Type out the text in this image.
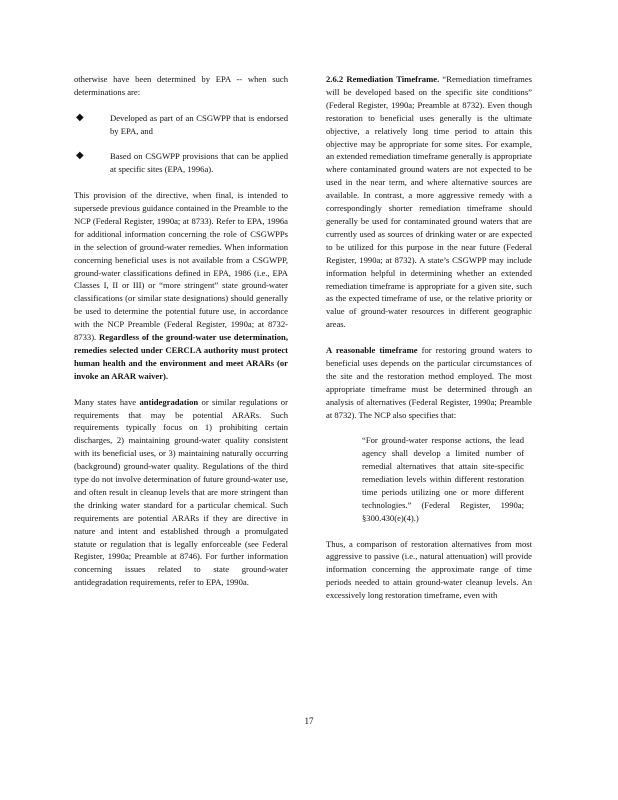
otherwise have been determined by EPA -- when such determinations are:

◆	Developed as part of an CSGWPP that is endorsed by EPA, and
◆	Based on CSGWPP provisions that can be applied at specific sites (EPA, 1996a).

This provision of the directive, when final, is intended to supersede previous guidance contained in the Preamble to the NCP (Federal Register, 1990a; at 8733). Refer to EPA, 1996a for additional information concerning the role of CSGWPPs in the selection of ground-water remedies. When information concerning beneficial uses is not available from a CSGWPP, ground-water classifications defined in EPA, 1986 (i.e., EPA Classes I, II or III) or “more stringent” state ground-water classifications (or similar state designations) should generally be used to determine the potential future use, in accordance with the NCP Preamble (Federal Register, 1990a; at 8732-8733). Regardless of the ground-water use determination, remedies selected under CERCLA authority must protect human health and the environment and meet ARARs (or invoke an ARAR waiver).

Many states have antidegradation or similar regulations or requirements that may be potential ARARs. Such requirements typically focus on 1) prohibiting certain discharges, 2) maintaining ground-water quality consistent with its beneficial uses, or 3) maintaining naturally occurring (background) ground-water quality. Regulations of the third type do not involve determination of future ground-water use, and often result in cleanup levels that are more stringent than the drinking water standard for a particular chemical. Such requirements are potential ARARs if they are directive in nature and intent and established through a promulgated statute or regulation that is legally enforceable (see Federal Register, 1990a; Preamble at 8746). For further information concerning issues related to state ground-water antidegradation requirements, refer to EPA, 1990a.

2.6.2 Remediation Timeframe. “Remediation timeframes will be developed based on the specific site conditions” (Federal Register, 1990a; Preamble at 8732). Even though restoration to beneficial uses generally is the ultimate objective, a relatively long time period to attain this objective may be appropriate for some sites. For example, an extended remediation timeframe generally is appropriate where contaminated ground waters are not expected to be used in the near term, and where alternative sources are available. In contrast, a more aggressive remedy with a correspondingly shorter remediation timeframe should generally be used for contaminated ground waters that are currently used as sources of drinking water or are expected to be utilized for this purpose in the near future (Federal Register, 1990a; at 8732). A state’s CSGWPP may include information helpful in determining whether an extended remediation timeframe is appropriate for a given site, such as the expected timeframe of use, or the relative priority or value of ground-water resources in different geographic areas.

A reasonable timeframe for restoring ground waters to beneficial uses depends on the particular circumstances of the site and the restoration method employed. The most appropriate timeframe must be determined through an analysis of alternatives (Federal Register, 1990a; Preamble at 8732). The NCP also specifies that:

“For ground-water response actions, the lead agency shall develop a limited number of remedial alternatives that attain site-specific remediation levels within different restoration time periods utilizing one or more different technologies.” (Federal Register, 1990a; §300.430(e)(4).)

Thus, a comparison of restoration alternatives from most aggressive to passive (i.e., natural attenuation) will provide information concerning the approximate range of time periods needed to attain ground-water cleanup levels. An excessively long restoration timeframe, even with

17
